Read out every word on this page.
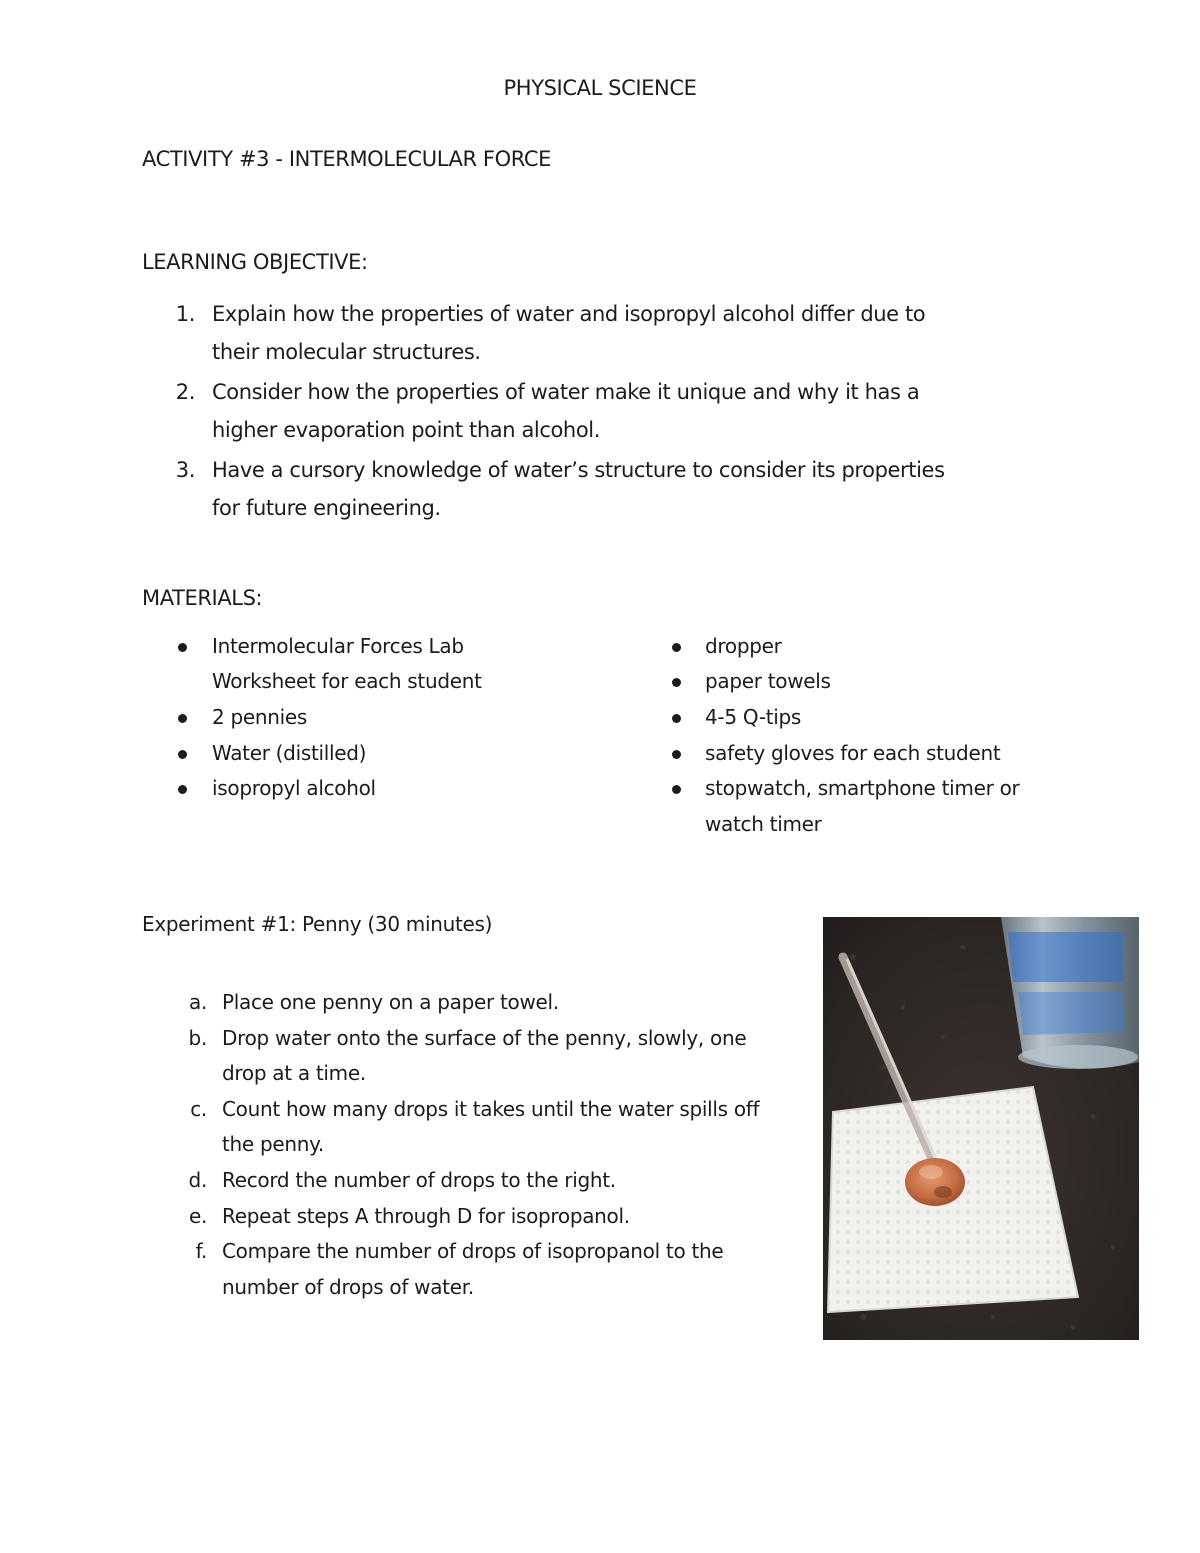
PHYSICAL SCIENCE
ACTIVITY #3 - INTERMOLECULAR FORCE
LEARNING OBJECTIVE:
1. Explain how the properties of water and isopropyl alcohol differ due to
their molecular structures.
2. Consider how the properties of water make it unique and why it has a
higher evaporation point than alcohol.
3. Have a cursory knowledge of water’s structure to consider its properties
for future engineering.
MATERIALS:
Intermolecular Forces Lab
Worksheet for each student
2 pennies
Water (distilled)
isopropyl alcohol
dropper
paper towels
4-5 Q-tips
safety gloves for each student
stopwatch, smartphone timer or
watch timer
Experiment #1: Penny (30 minutes)
a. Place one penny on a paper towel.
b. Drop water onto the surface of the penny, slowly, one
drop at a time.
c. Count how many drops it takes until the water spills off
the penny.
d. Record the number of drops to the right.
e. Repeat steps A through D for isopropanol.
f. Compare the number of drops of isopropanol to the
number of drops of water.
